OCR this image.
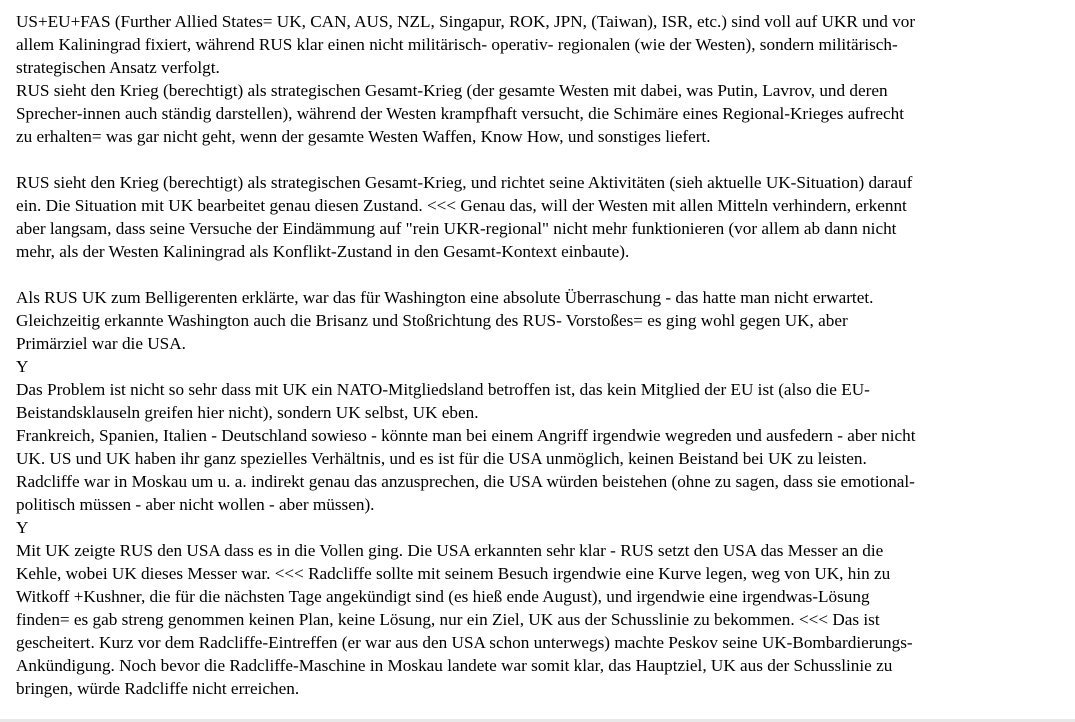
US+EU+FAS (Further Allied States= UK, CAN, AUS, NZL, Singapur, ROK, JPN, (Taiwan), ISR, etc.) sind voll auf UKR und vor
allem Kaliningrad fixiert, während RUS klar einen nicht militärisch- operativ- regionalen (wie der Westen), sondern militärisch-
strategischen Ansatz verfolgt.
RUS sieht den Krieg (berechtigt) als strategischen Gesamt-Krieg (der gesamte Westen mit dabei, was Putin, Lavrov, und deren
Sprecher-innen auch ständig darstellen), während der Westen krampfhaft versucht, die Schimäre eines Regional-Krieges aufrecht
zu erhalten= was gar nicht geht, wenn der gesamte Westen Waffen, Know How, und sonstiges liefert.
RUS sieht den Krieg (berechtigt) als strategischen Gesamt-Krieg, und richtet seine Aktivitäten (sieh aktuelle UK-Situation) darauf
ein. Die Situation mit UK bearbeitet genau diesen Zustand. <<< Genau das, will der Westen mit allen Mitteln verhindern, erkennt
aber langsam, dass seine Versuche der Eindämmung auf "rein UKR-regional" nicht mehr funktionieren (vor allem ab dann nicht
mehr, als der Westen Kaliningrad als Konflikt-Zustand in den Gesamt-Kontext einbaute).
Als RUS UK zum Belligerenten erklärte, war das für Washington eine absolute Überraschung - das hatte man nicht erwartet.
Gleichzeitig erkannte Washington auch die Brisanz und Stoßrichtung des RUS- Vorstoßes= es ging wohl gegen UK, aber
Primärziel war die USA.
Y
Das Problem ist nicht so sehr dass mit UK ein NATO-Mitgliedsland betroffen ist, das kein Mitglied der EU ist (also die EU-
Beistandsklauseln greifen hier nicht), sondern UK selbst, UK eben.
Frankreich, Spanien, Italien - Deutschland sowieso - könnte man bei einem Angriff irgendwie wegreden und ausfedern - aber nicht
UK. US und UK haben ihr ganz spezielles Verhältnis, und es ist für die USA unmöglich, keinen Beistand bei UK zu leisten.
Radcliffe war in Moskau um u. a. indirekt genau das anzusprechen, die USA würden beistehen (ohne zu sagen, dass sie emotional-
politisch müssen - aber nicht wollen - aber müssen).
Y
Mit UK zeigte RUS den USA dass es in die Vollen ging. Die USA erkannten sehr klar - RUS setzt den USA das Messer an die
Kehle, wobei UK dieses Messer war. <<< Radcliffe sollte mit seinem Besuch irgendwie eine Kurve legen, weg von UK, hin zu
Witkoff +Kushner, die für die nächsten Tage angekündigt sind (es hieß ende August), und irgendwie eine irgendwas-Lösung
finden= es gab streng genommen keinen Plan, keine Lösung, nur ein Ziel, UK aus der Schusslinie zu bekommen. <<< Das ist
gescheitert. Kurz vor dem Radcliffe-Eintreffen (er war aus den USA schon unterwegs) machte Peskov seine UK-Bombardierungs-
Ankündigung. Noch bevor die Radcliffe-Maschine in Moskau landete war somit klar, das Hauptziel, UK aus der Schusslinie zu
bringen, würde Radcliffe nicht erreichen.
